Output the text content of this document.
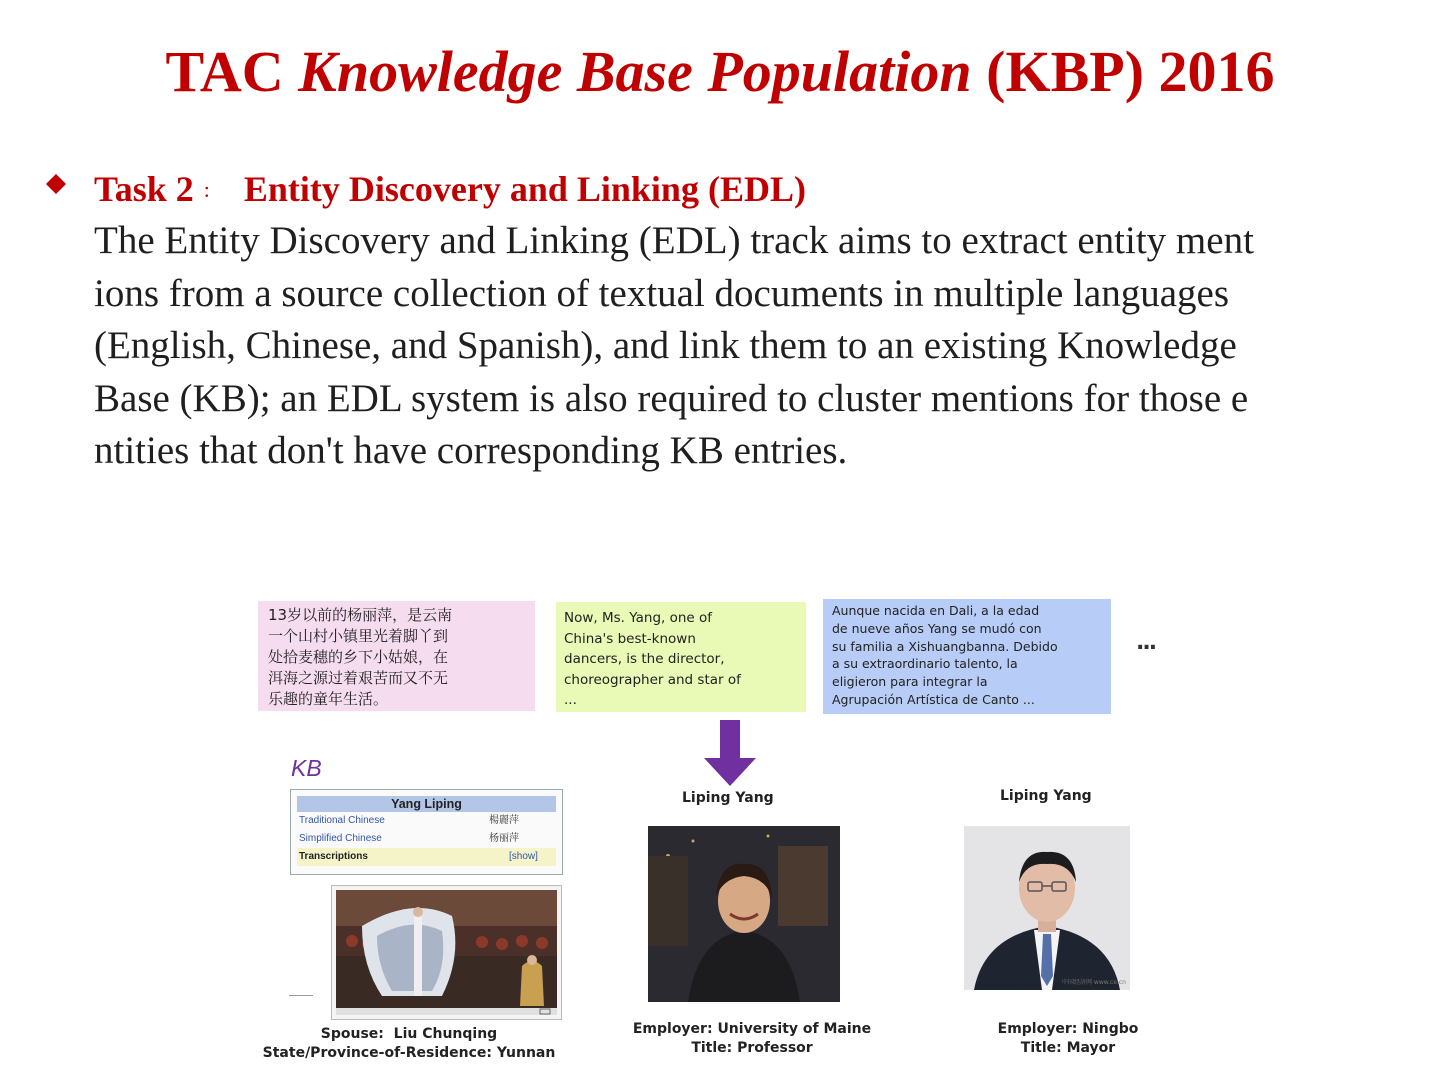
TAC Knowledge Base Population (KBP) 2016
Task 2 : Entity Discovery and Linking (EDL)
The Entity Discovery and Linking (EDL) track aims to extract entity ment
ions from a source collection of textual documents in multiple languages
(English, Chinese, and Spanish), and link them to an existing Knowledge
Base (KB); an EDL system is also required to cluster mentions for those e
ntities that don't have corresponding KB entries.
13岁以前的杨丽萍，是云南
一个山村小镇里光着脚丫到
处拾麦穗的乡下小姑娘，在
洱海之源过着艰苦而又不无
乐趣的童年生活。
Now, Ms. Yang, one of
China's best-known
dancers, is the director,
choreographer and star of
...
Aunque nacida en Dali, a la edad
de nueve años Yang se mudó con
su familia a Xishuangbanna. Debido
a su extraordinario talento, la
eligieron para integrar la
Agrupación Artística de Canto ...
...
KB
Yang Liping
Traditional Chinese	楊麗萍
Simplified Chinese	杨丽萍
Transcriptions	[show]
Liping Yang
Employer: University of Maine
Title: Professor
Liping Yang
中国经济网 www.ce.cn
Employer: Ningbo
Title: Mayor
Spouse: Liu Chunqing
State/Province-of-Residence: Yunnan
